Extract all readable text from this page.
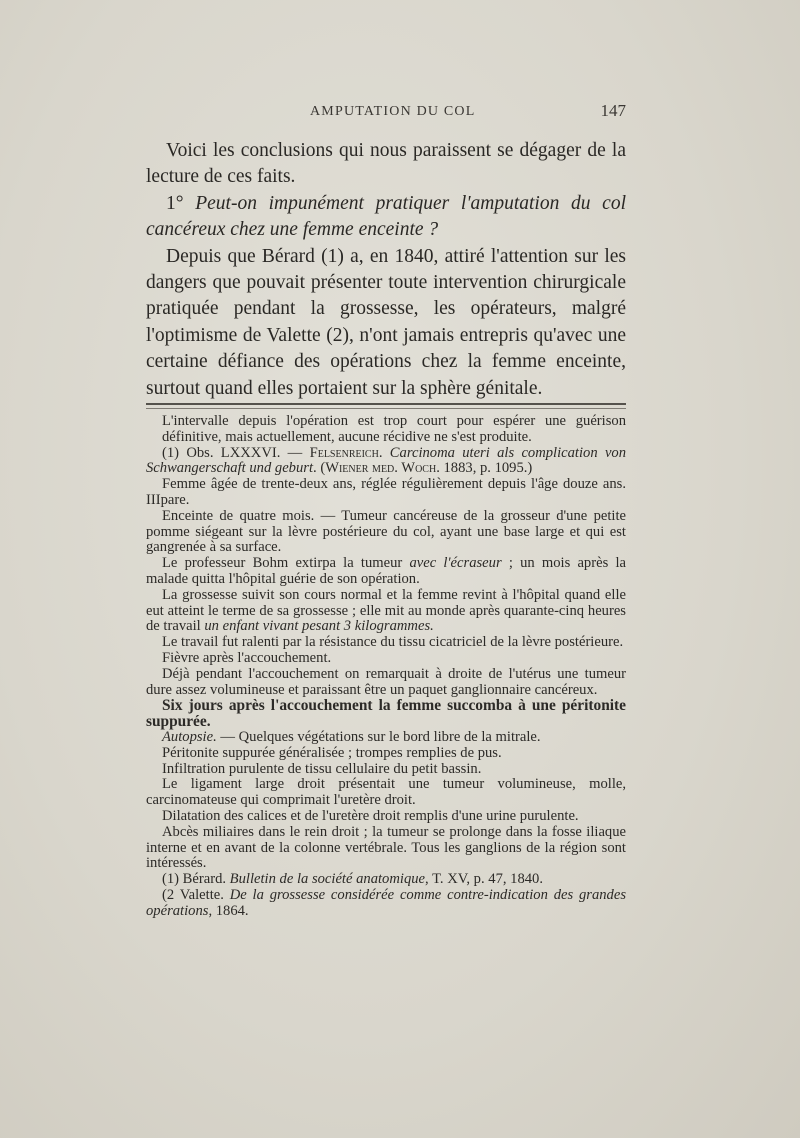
AMPUTATION DU COL	147

Voici les conclusions qui nous paraissent se dégager de la lecture de ces faits.

1° Peut-on impunément pratiquer l'amputation du col cancéreux chez une femme enceinte ?

Depuis que Bérard (1) a, en 1840, attiré l'attention sur les dangers que pouvait présenter toute intervention chirurgicale pratiquée pendant la grossesse, les opérateurs, malgré l'optimisme de Valette (2), n'ont jamais entrepris qu'avec une certaine défiance des opérations chez la femme enceinte, surtout quand elles portaient sur la sphère génitale.

L'intervalle depuis l'opération est trop court pour espérer une guérison définitive, mais actuellement, aucune récidive ne s'est produite.

(1) Obs. LXXXVI. — Felsenreich. Carcinoma uteri als complication von Schwangerschaft und geburt. (Wiener med. Woch. 1883, p. 1095.)

Femme âgée de trente-deux ans, réglée régulièrement depuis l'âge douze ans. IIIpare.

Enceinte de quatre mois. — Tumeur cancéreuse de la grosseur d'une petite pomme siégeant sur la lèvre postérieure du col, ayant une base large et qui est gangrenée à sa surface.

Le professeur Bohm extirpa la tumeur avec l'écraseur ; un mois après la malade quitta l'hôpital guérie de son opération.

La grossesse suivit son cours normal et la femme revint à l'hôpital quand elle eut atteint le terme de sa grossesse ; elle mit au monde après quarante-cinq heures de travail un enfant vivant pesant 3 kilogrammes.

Le travail fut ralenti par la résistance du tissu cicatriciel de la lèvre postérieure.

Fièvre après l'accouchement.

Déjà pendant l'accouchement on remarquait à droite de l'utérus une tumeur dure assez volumineuse et paraissant être un paquet ganglionnaire cancéreux.

Six jours après l'accouchement la femme succomba à une péritonite suppurée.

Autopsie. — Quelques végétations sur le bord libre de la mitrale.

Péritonite suppurée généralisée ; trompes remplies de pus.

Infiltration purulente de tissu cellulaire du petit bassin.

Le ligament large droit présentait une tumeur volumineuse, molle, carcinomateuse qui comprimait l'uretère droit.

Dilatation des calices et de l'uretère droit remplis d'une urine purulente.

Abcès miliaires dans le rein droit ; la tumeur se prolonge dans la fosse iliaque interne et en avant de la colonne vertébrale. Tous les ganglions de la région sont intéressés.

(1) Bérard. Bulletin de la société anatomique, T. XV, p. 47, 1840.

(2 Valette. De la grossesse considérée comme contre-indication des grandes opérations, 1864.
